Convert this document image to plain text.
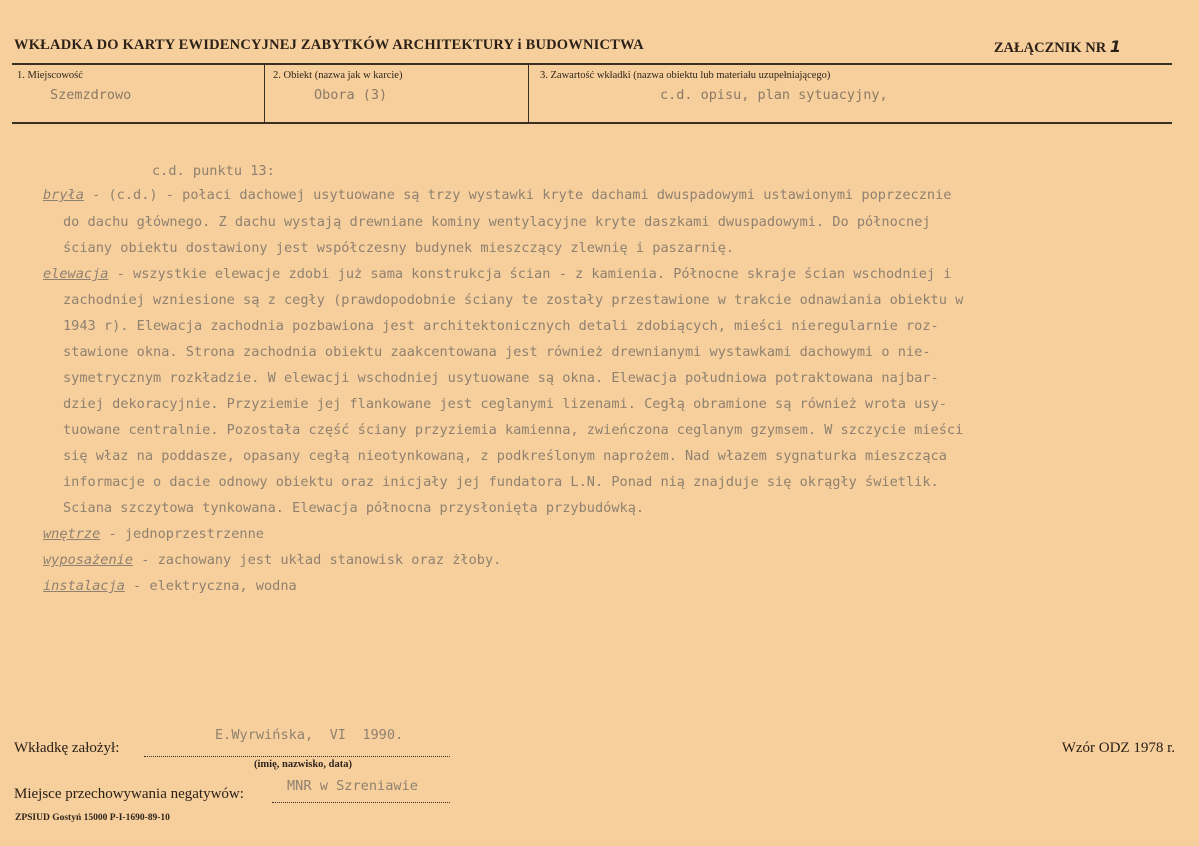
WKŁADKA DO KARTY EWIDENCYJNEJ ZABYTKÓW ARCHITEKTURY i BUDOWNICTWA	ZAŁĄCZNIK NR 1
1. Miejscowość
Szemzdrowo
2. Obiekt (nazwa jak w karcie)
Obora (3)
3. Zawartość wkładki (nazwa obiektu lub materiału uzupełniającego)
c.d. opisu, plan sytuacyjny,
c.d. punktu 13:
bryła - (c.d.) - połaci dachowej usytuowane są trzy wystawki kryte dachami dwuspadowymi ustawionymi poprzecznie
do dachu głównego. Z dachu wystają drewniane kominy wentylacyjne kryte daszkami dwuspadowymi. Do północnej
ściany obiektu dostawiony jest współczesny budynek mieszczący zlewnię i paszarnię.
elewacja - wszystkie elewacje zdobi już sama konstrukcja ścian - z kamienia. Północne skraje ścian wschodniej i
zachodniej wzniesione są z cegły (prawdopodobnie ściany te zostały przestawione w trakcie odnawiania obiektu w
1943 r). Elewacja zachodnia pozbawiona jest architektonicznych detali zdobiących, mieści nieregularnie roz-
stawione okna. Strona zachodnia obiektu zaakcentowana jest również drewnianymi wystawkami dachowymi o nie-
symetrycznym rozkładzie. W elewacji wschodniej usytuowane są okna. Elewacja południowa potraktowana najbar-
dziej dekoracyjnie. Przyziemie jej flankowane jest ceglanymi lizenami. Cegłą obramione są również wrota usy-
tuowane centralnie. Pozostała część ściany przyziemia kamienna, zwieńczona ceglanym gzymsem. W szczycie mieści
się właz na poddasze, opasany cegłą nieotynkowaną, z podkreślonym naprożem. Nad włazem sygnaturka mieszcząca
informacje o dacie odnowy obiektu oraz inicjały jej fundatora L.N. Ponad nią znajduje się okrągły świetlik.
Sciana szczytowa tynkowana. Elewacja północna przysłonięta przybudówką.
wnętrze - jednoprzestrzenne
wyposażenie - zachowany jest układ stanowisk oraz żłoby.
instalacja - elektryczna, wodna
Wkładkę założył:
E.Wyrwińska,  VI  1990.
(imię, nazwisko, data)
Miejsce przechowywania negatywów:	MNR w Szreniawie
Wzór ODZ 1978 r.
ZPSIUD Gostyń 15000 P-I-1690-89-10
